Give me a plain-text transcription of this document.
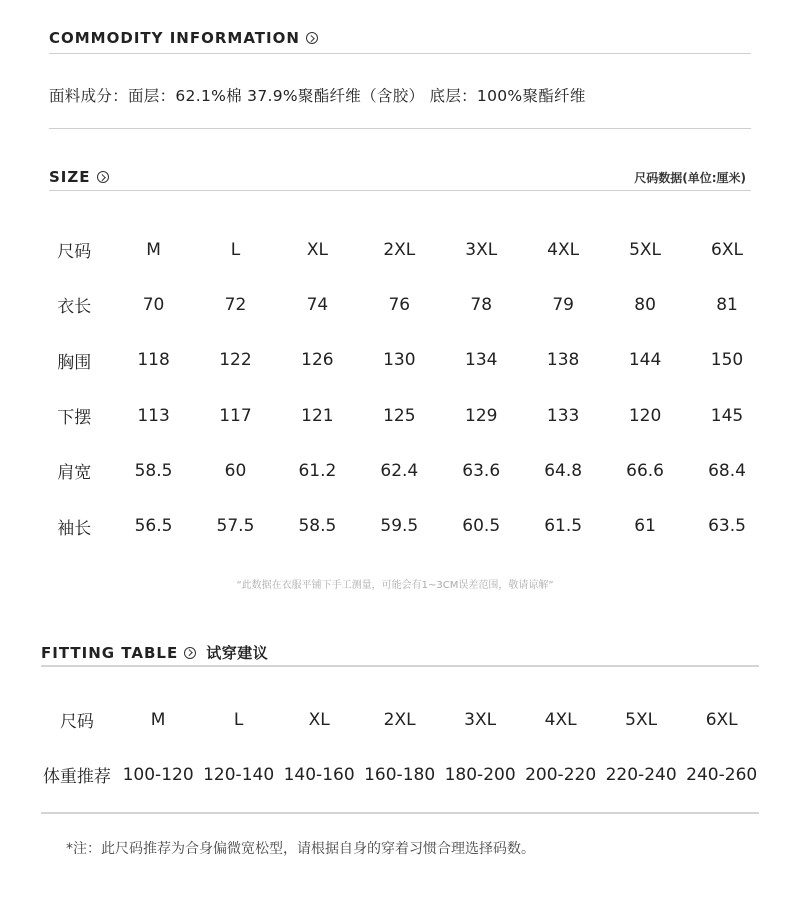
COMMODITY INFORMATION
面料成分：面层：62.1%棉 37.9%聚酯纤维（含胶） 底层：100%聚酯纤维
SIZE	尺码数据(单位:厘米)
尺码	M	L	XL	2XL	3XL	4XL	5XL	6XL
衣长	70	72	74	76	78	79	80	81
胸围	118	122	126	130	134	138	144	150
下摆	113	117	121	125	129	133	120	145
肩宽	58.5	60	61.2	62.4	63.6	64.8	66.6	68.4
袖长	56.5	57.5	58.5	59.5	60.5	61.5	61	63.5
“此数据在衣服平铺下手工测量，可能会有1~3CM误差范围，敬请谅解”
FITTING TABLE 试穿建议
尺码	M	L	XL	2XL	3XL	4XL	5XL	6XL
体重推荐	100-120	120-140	140-160	160-180	180-200	200-220	220-240	240-260
*注：此尺码推荐为合身偏微宽松型，请根据自身的穿着习惯合理选择码数。
